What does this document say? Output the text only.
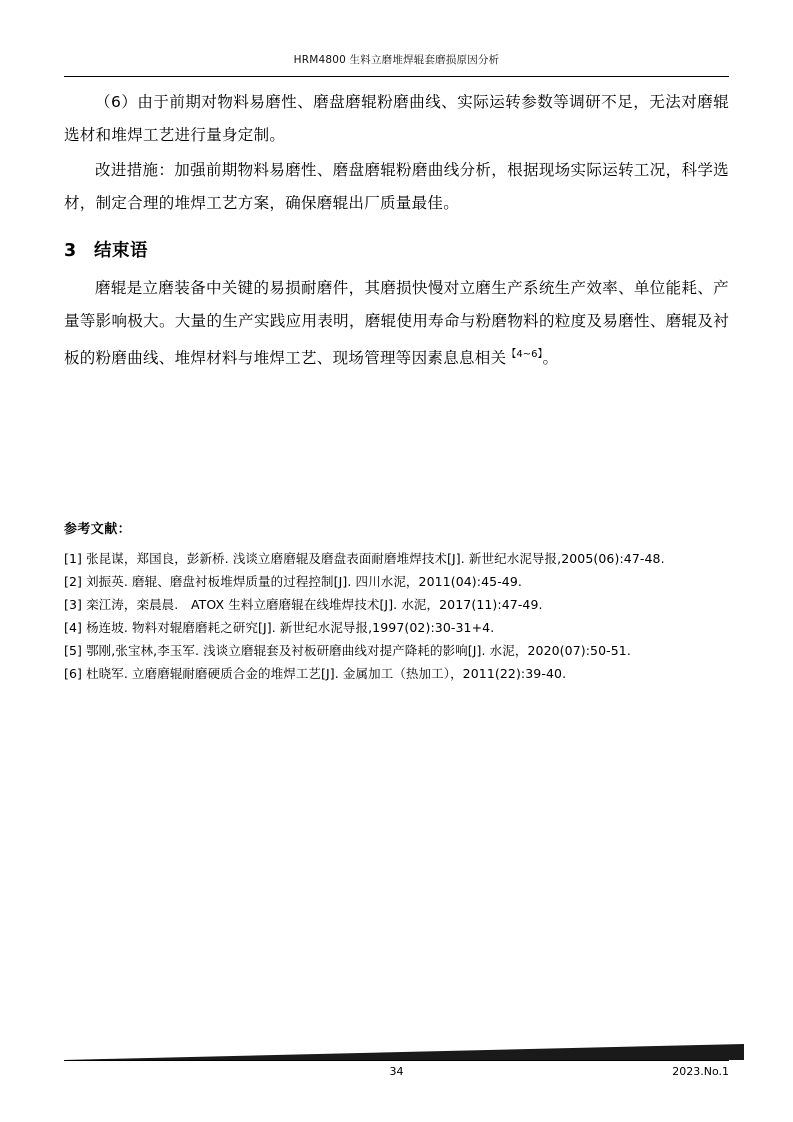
HRM4800 生料立磨堆焊辊套磨损原因分析

（6）由于前期对物料易磨性、磨盘磨辊粉磨曲线、实际运转参数等调研不足，无法对磨辊选材和堆焊工艺进行量身定制。

改进措施：加强前期物料易磨性、磨盘磨辊粉磨曲线分析，根据现场实际运转工况，科学选材，制定合理的堆焊工艺方案，确保磨辊出厂质量最佳。

3 结束语

磨辊是立磨装备中关键的易损耐磨件，其磨损快慢对立磨生产系统生产效率、单位能耗、产量等影响极大。大量的生产实践应用表明，磨辊使用寿命与粉磨物料的粒度及易磨性、磨辊及衬板的粉磨曲线、堆焊材料与堆焊工艺、现场管理等因素息息相关$^{【4\sim 6】}$。

参考文献：

[1] 张昆谋，郑国良，彭新桥. 浅谈立磨磨辊及磨盘表面耐磨堆焊技术[J]. 新世纪水泥导报,2005(06):47-48.

[2] 刘振英. 磨辊、磨盘衬板堆焊质量的过程控制[J]. 四川水泥，2011(04):45-49.

[3] 栾江涛，栾晨晨.　ATOX 生料立磨磨辊在线堆焊技术[J]. 水泥，2017(11):47-49.

[4] 杨连坡. 物料对辊磨磨耗之研究[J]. 新世纪水泥导报,1997(02):30-31+4.

[5] 鄂刚,张宝林,李玉军. 浅谈立磨辊套及衬板研磨曲线对提产降耗的影响[J]. 水泥，2020(07):50-51.

[6] 杜晓军. 立磨磨辊耐磨硬质合金的堆焊工艺[J]. 金属加工（热加工），2011(22):39-40.

34	2023.No.1
